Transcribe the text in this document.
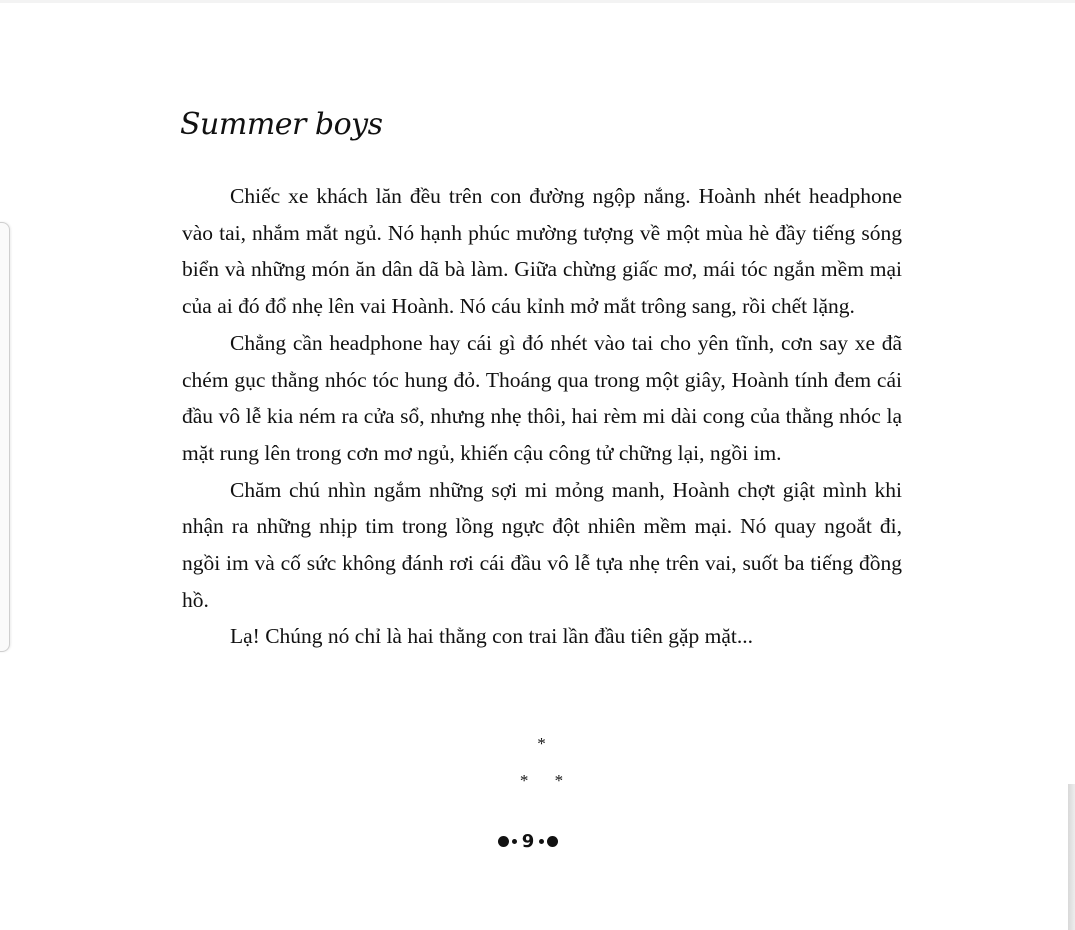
Summer boys

Chiếc xe khách lăn đều trên con đường ngộp nắng. Hoành nhét headphone vào tai, nhắm mắt ngủ. Nó hạnh phúc mường tượng về một mùa hè đầy tiếng sóng biển và những món ăn dân dã bà làm. Giữa chừng giấc mơ, mái tóc ngắn mềm mại của ai đó đổ nhẹ lên vai Hoành. Nó cáu kỉnh mở mắt trông sang, rồi chết lặng.

Chẳng cần headphone hay cái gì đó nhét vào tai cho yên tĩnh, cơn say xe đã chém gục thằng nhóc tóc hung đỏ. Thoáng qua trong một giây, Hoành tính đem cái đầu vô lễ kia ném ra cửa sổ, nhưng nhẹ thôi, hai rèm mi dài cong của thằng nhóc lạ mặt rung lên trong cơn mơ ngủ, khiến cậu công tử chững lại, ngồi im.

Chăm chú nhìn ngắm những sợi mi mỏng manh, Hoành chợt giật mình khi nhận ra những nhịp tim trong lồng ngực đột nhiên mềm mại. Nó quay ngoắt đi, ngồi im và cố sức không đánh rơi cái đầu vô lễ tựa nhẹ trên vai, suốt ba tiếng đồng hồ.

Lạ! Chúng nó chỉ là hai thằng con trai lần đầu tiên gặp mặt...

*
* *
9
